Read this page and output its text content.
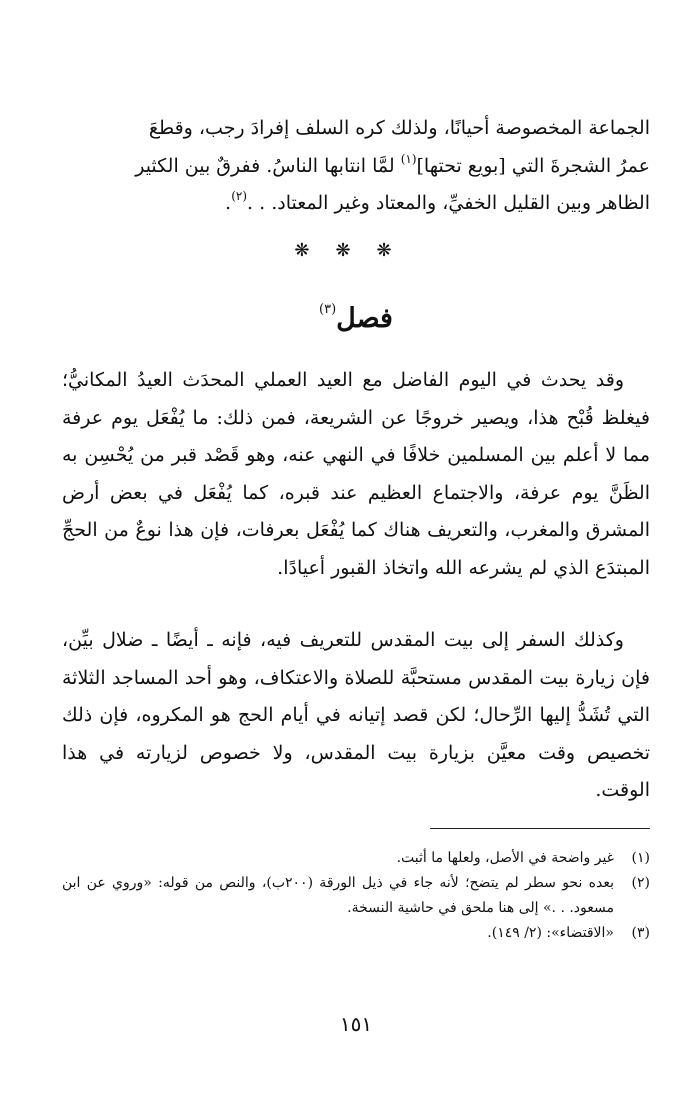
الجماعة المخصوصة أحيانًا، ولذلك كره السلف إفرادَ رجب، وقطعَ
عمرُ الشجرةَ التي [بويع تحتها]$^{(١)}$ لمَّا انتابها الناسُ. ففرقٌ بين الكثير
الظاهر وبين القليل الخفيِّ، والمعتاد وغير المعتاد. . .$^{(٢)}$.

❋❋❋
فصل$^{(٣)}$

وقد يحدث في اليوم الفاضل مع العيد العملي المحدَث العيدُ المكانيُّ؛ فيغلظ قُبْح هذا، ويصير خروجًا عن الشريعة، فمن ذلك: ما يُفْعَل يوم عرفة مما لا أعلم بين المسلمين خلافًا في النهي عنه، وهو قَصْد قبر من يُحْسِن به الظَنَّ يوم عرفة، والاجتماع العظيم عند قبره، كما يُفْعَل في بعض أرض المشرق والمغرب، والتعريف هناك كما يُفْعَل بعرفات، فإن هذا نوعٌ من الحجِّ المبتدَع الذي لم يشرعه الله واتخاذ القبور أعيادًا.

وكذلك السفر إلى بيت المقدس للتعريف فيه، فإنه ـ أيضًا ـ ضلال بيِّن، فإن زيارة بيت المقدس مستحبَّة للصلاة والاعتكاف، وهو أحد المساجد الثلاثة التي تُشَدُّ إليها الرِّحال؛ لكن قصد إتيانه في أيام الحج هو المكروه، فإن ذلك تخصيص وقت معيَّن بزيارة بيت المقدس، ولا خصوص لزيارته في هذا الوقت.

(١)
غير واضحة في الأصل، ولعلها ما أثبت.
(٢)
بعده نحو سطر لم يتضح؛ لأنه جاء في ذيل الورقة (٢٠٠ب)، والنص من قوله: «وروي عن ابن مسعود. . .» إلى هنا ملحق في حاشية النسخة.
(٣)
«الاقتضاء»: (٢/ ١٤٩).
١٥١
